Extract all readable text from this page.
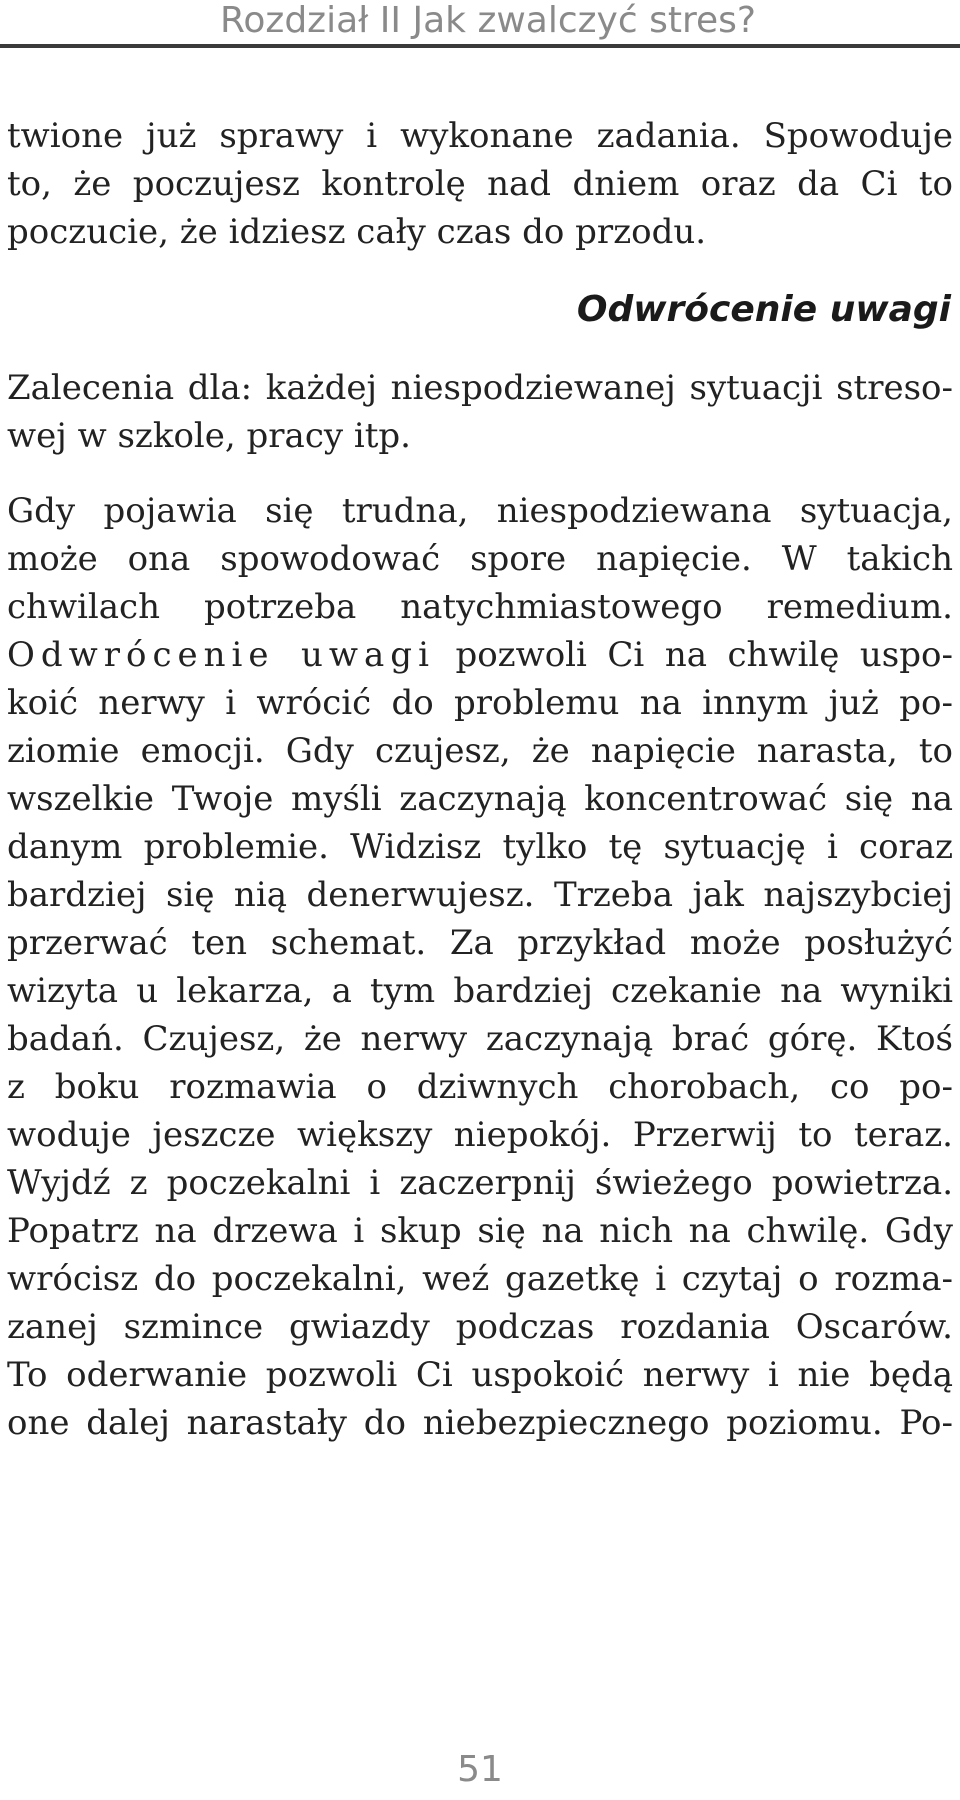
Rozdział II Jak zwalczyć stres?
twione już sprawy i wykonane zadania. Spowoduje
to, że poczujesz kontrolę nad dniem oraz da Ci to
poczucie, że idziesz cały czas do przodu.
Odwrócenie uwagi
Zalecenia dla: każdej niespodziewanej sytuacji streso-
wej w szkole, pracy itp.
Gdy pojawia się trudna, niespodziewana sytuacja,
może ona spowodować spore napięcie. W takich
chwilach potrzeba natychmiastowego remedium.
Odwrócenie uwagi pozwoli Ci na chwilę uspo-
koić nerwy i wrócić do problemu na innym już po-
ziomie emocji. Gdy czujesz, że napięcie narasta, to
wszelkie Twoje myśli zaczynają koncentrować się na
danym problemie. Widzisz tylko tę sytuację i coraz
bardziej się nią denerwujesz. Trzeba jak najszybciej
przerwać ten schemat. Za przykład może posłużyć
wizyta u lekarza, a tym bardziej czekanie na wyniki
badań. Czujesz, że nerwy zaczynają brać górę. Ktoś
z boku rozmawia o dziwnych chorobach, co po-
woduje jeszcze większy niepokój. Przerwij to teraz.
Wyjdź z poczekalni i zaczerpnij świeżego powietrza.
Popatrz na drzewa i skup się na nich na chwilę. Gdy
wrócisz do poczekalni, weź gazetkę i czytaj o rozma-
zanej szmince gwiazdy podczas rozdania Oscarów.
To oderwanie pozwoli Ci uspokoić nerwy i nie będą
one dalej narastały do niebezpiecznego poziomu. Po-
51
